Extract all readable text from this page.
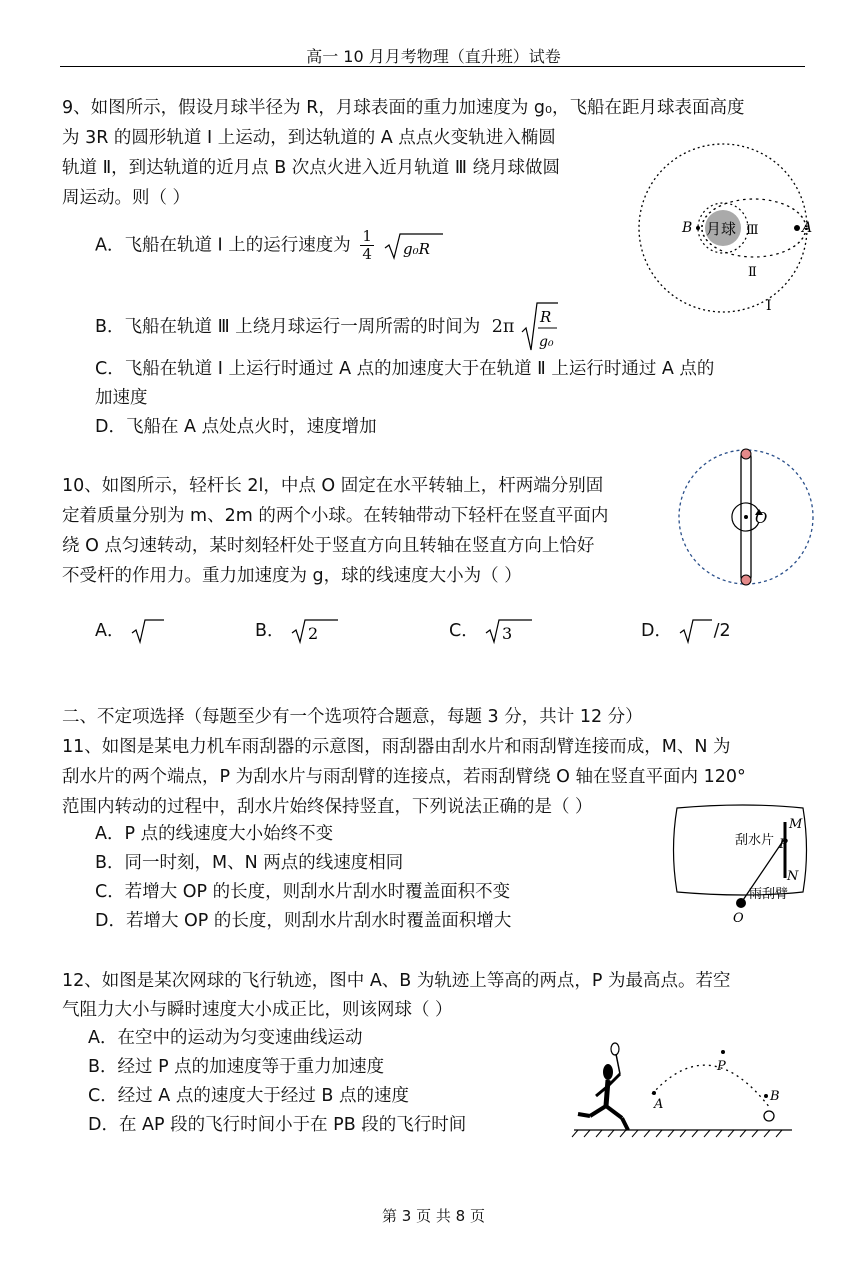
高一 10 月月考物理（直升班）试卷
9、如图所示，假设月球半径为 R，月球表面的重力加速度为 g₀，飞船在距月球表面高度
为 3R 的圆形轨道 Ⅰ 上运动，到达轨道的 A 点点火变轨进入椭圆
轨道 Ⅱ，到达轨道的近月点 B 次点火进入近月轨道 Ⅲ 绕月球做圆
周运动。则（ ）
A．飞船在轨道 Ⅰ 上的运行速度为 $\frac{1}{4}$
g₀R
B．飞船在轨道 Ⅲ 上绕月球运行一周所需的时间为 2π R
g₀
C．飞船在轨道 Ⅰ 上运行时通过 A 点的加速度大于在轨道 Ⅱ 上运行时通过 A 点的
加速度
D．飞船在 A 点处点火时，速度增加
月球
B	A
Ⅲ
Ⅱ
Ⅰ
10、如图所示，轻杆长 2l，中点 O 固定在水平转轴上，杆两端分别固
定着质量分别为 m、2m 的两个小球。在转轴带动下轻杆在竖直平面内
绕 O 点匀速转动，某时刻轻杆处于竖直方向且转轴在竖直方向上恰好
不受杆的作用力。重力加速度为 g，球的线速度大小为（ ）
A．	B． 2	C． 3	D． /2
O
二、不定项选择（每题至少有一个选项符合题意，每题 3 分，共计 12 分）
11、如图是某电力机车雨刮器的示意图，雨刮器由刮水片和雨刮臂连接而成，M、N 为
刮水片的两个端点，P 为刮水片与雨刮臂的连接点，若雨刮臂绕 O 轴在竖直平面内 120°
范围内转动的过程中，刮水片始终保持竖直，下列说法正确的是（ ）
A．P 点的线速度大小始终不变
B．同一时刻，M、N 两点的线速度相同
C．若增大 OP 的长度，则刮水片刮水时覆盖面积不变
D．若增大 OP 的长度，则刮水片刮水时覆盖面积增大
M
P
N
O
刮水片
雨刮臂
12、如图是某次网球的飞行轨迹，图中 A、B 为轨迹上等高的两点，P 为最高点。若空
气阻力大小与瞬时速度大小成正比，则该网球（ ）
A．在空中的运动为匀变速曲线运动
B．经过 P 点的加速度等于重力加速度
C．经过 A 点的速度大于经过 B 点的速度
D．在 AP 段的飞行时间小于在 PB 段的飞行时间
A
P
B
第 3 页 共 8 页
